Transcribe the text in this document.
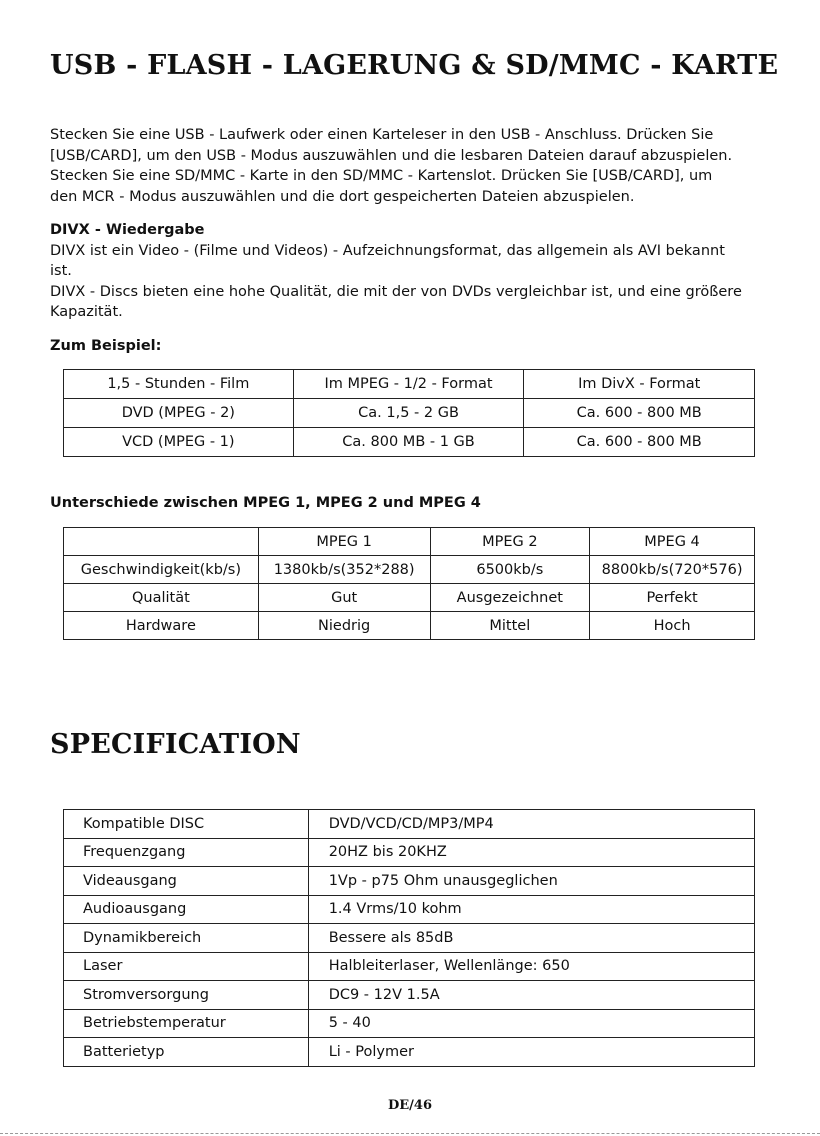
USB - FLASH - LAGERUNG & SD/MMC - KARTE
Stecken Sie eine USB - Laufwerk oder einen Karteleser in den USB - Anschluss. Drücken Sie
[USB/CARD], um den USB - Modus auszuwählen und die lesbaren Dateien darauf abzuspielen.
Stecken Sie eine SD/MMC - Karte in den SD/MMC - Kartenslot. Drücken Sie [USB/CARD], um
den MCR - Modus auszuwählen und die dort gespeicherten Dateien abzuspielen.
DIVX - Wiedergabe
DIVX ist ein Video - (Filme und Videos) - Aufzeichnungsformat, das allgemein als AVI bekannt
ist.
DIVX - Discs bieten eine hohe Qualität, die mit der von DVDs vergleichbar ist, und eine größere
Kapazität.
Zum Beispiel:
1,5 - Stunden - Film	Im MPEG - 1/2 - Format	Im DivX - Format
DVD (MPEG - 2)	Ca. 1,5 - 2 GB	Ca. 600 - 800 MB
VCD (MPEG - 1)	Ca. 800 MB - 1 GB	Ca. 600 - 800 MB
Unterschiede zwischen MPEG 1, MPEG 2 und MPEG 4
	MPEG 1	MPEG 2	MPEG 4
Geschwindigkeit(kb/s)	1380kb/s(352*288)	6500kb/s	8800kb/s(720*576)
Qualität	Gut	Ausgezeichnet	Perfekt
Hardware	Niedrig	Mittel	Hoch
SPECIFICATION
Kompatible DISC	DVD/VCD/CD/MP3/MP4
Frequenzgang	20HZ bis 20KHZ
Videausgang	1Vp - p75 Ohm unausgeglichen
Audioausgang	1.4 Vrms/10 kohm
Dynamikbereich	Bessere als 85dB
Laser	Halbleiterlaser, Wellenlänge: 650
Stromversorgung	DC9 - 12V 1.5A
Betriebstemperatur	5 - 40
Batterietyp	Li - Polymer
DE/46
